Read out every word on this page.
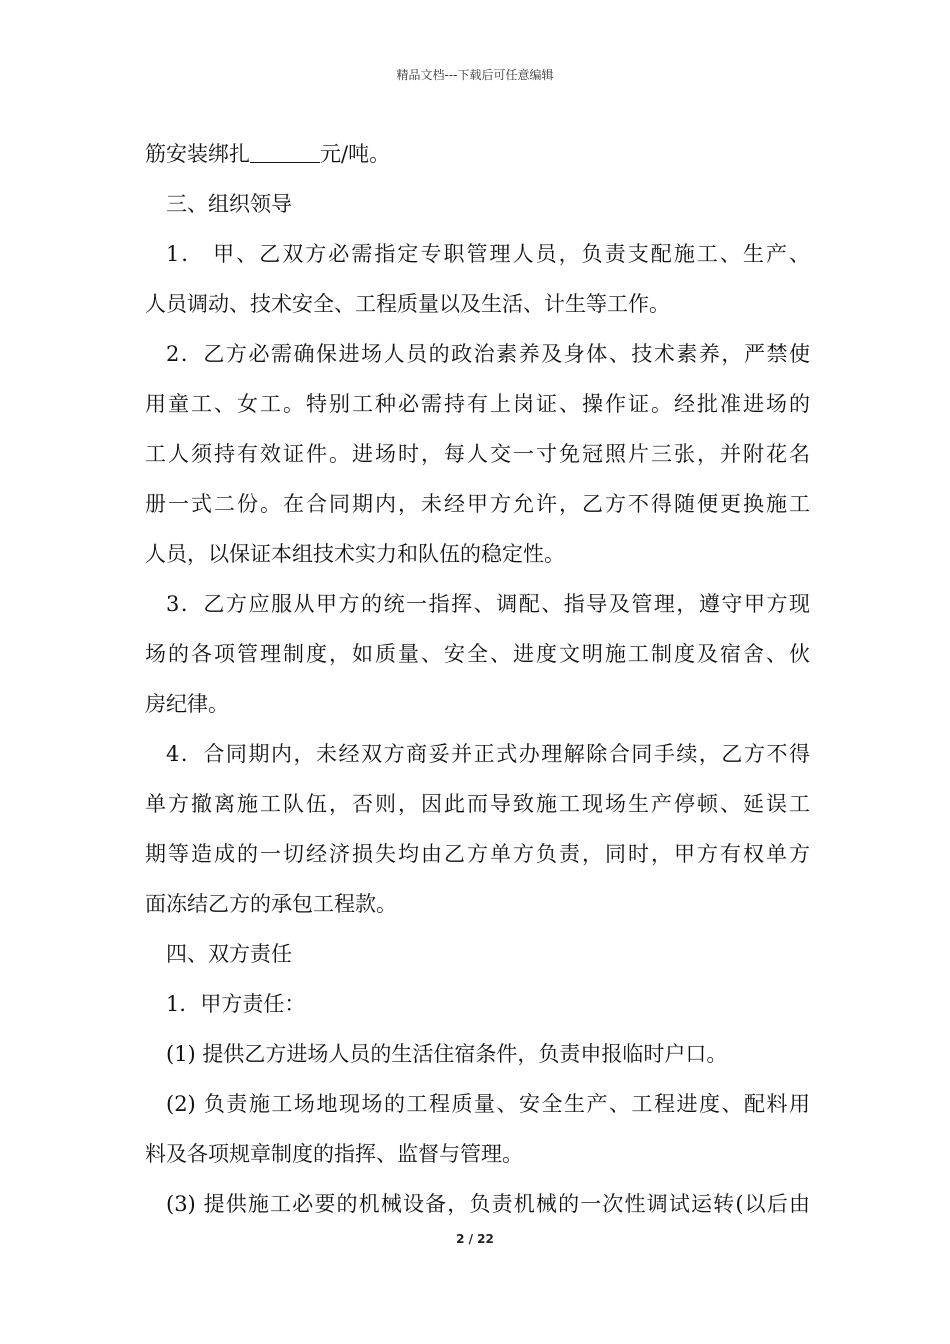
精品文档---下载后可任意编辑
筋安装绑扎	元/吨。
三、组织领导
1． 甲、乙双方必需指定专职管理人员，负责支配施工、生产、
人员调动、技术安全、工程质量以及生活、计生等工作。
2．乙方必需确保进场人员的政治素养及身体、技术素养，严禁使
用童工、女工。特别工种必需持有上岗证、操作证。经批准进场的
工人须持有效证件。进场时，每人交一寸免冠照片三张，并附花名
册一式二份。在合同期内，未经甲方允许，乙方不得随便更换施工
人员，以保证本组技术实力和队伍的稳定性。
3．乙方应服从甲方的统一指挥、调配、指导及管理，遵守甲方现
场的各项管理制度，如质量、安全、进度文明施工制度及宿舍、伙
房纪律。
4．合同期内，未经双方商妥并正式办理解除合同手续，乙方不得
单方撤离施工队伍，否则，因此而导致施工现场生产停顿、延误工
期等造成的一切经济损失均由乙方单方负责，同时，甲方有权单方
面冻结乙方的承包工程款。
四、双方责任
1．甲方责任：
(1) 提供乙方进场人员的生活住宿条件，负责申报临时户口。
(2) 负责施工场地现场的工程质量、安全生产、工程进度、配料用
料及各项规章制度的指挥、监督与管理。
(3) 提供施工必要的机械设备，负责机械的一次性调试运转(以后由
2 / 22
